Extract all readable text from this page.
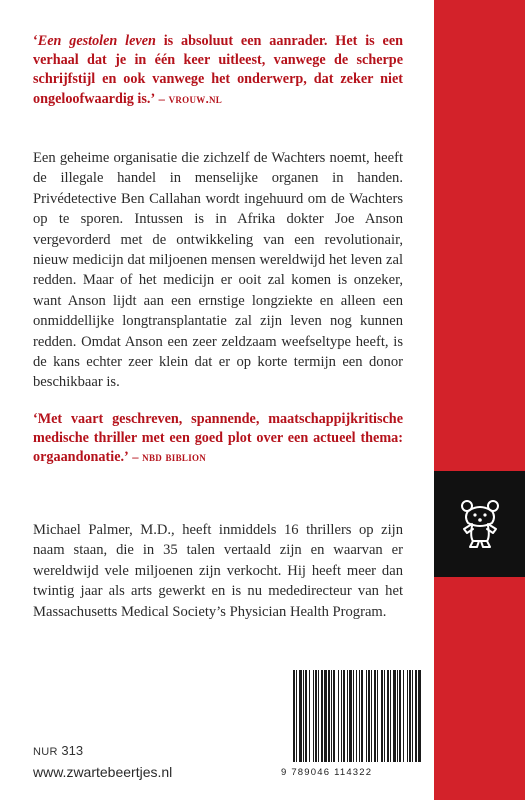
‘Een gestolen leven is absoluut een aanrader. Het is een verhaal dat je in één keer uitleest, vanwege de scherpe schrijfstijl en ook vanwege het onderwerp, dat zeker niet ongeloofwaardig is.’ – vrouw.nl

Een geheime organisatie die zichzelf de Wachters noemt, heeft de illegale handel in menselijke organen in handen. Privédetective Ben Callahan wordt ingehuurd om de Wachters op te sporen. Intussen is in Afrika dokter Joe Anson vergevorderd met de ontwikkeling van een revolutionair, nieuw medicijn dat miljoenen mensen wereldwijd het leven zal redden. Maar of het medicijn er ooit zal komen is onzeker, want Anson lijdt aan een ernstige longziekte en alleen een onmiddellijke longtransplantatie zal zijn leven nog kunnen redden. Omdat Anson een zeer zeldzaam weefseltype heeft, is de kans echter zeer klein dat er op korte termijn een donor beschikbaar is.

‘Met vaart geschreven, spannende, maatschappijkritische medische thriller met een goed plot over een actueel thema: orgaandonatie.’ – nbd biblion

Michael Palmer, M.D., heeft inmiddels 16 thrillers op zijn naam staan, die in 35 talen vertaald zijn en waarvan er wereldwijd vele miljoenen zijn verkocht. Hij heeft meer dan twintig jaar als arts gewerkt en is nu mededirecteur van het Massachusetts Medical Society’s Physician Health Program.

NUR 313
www.zwartebeertjes.nl	9 789046 114322
